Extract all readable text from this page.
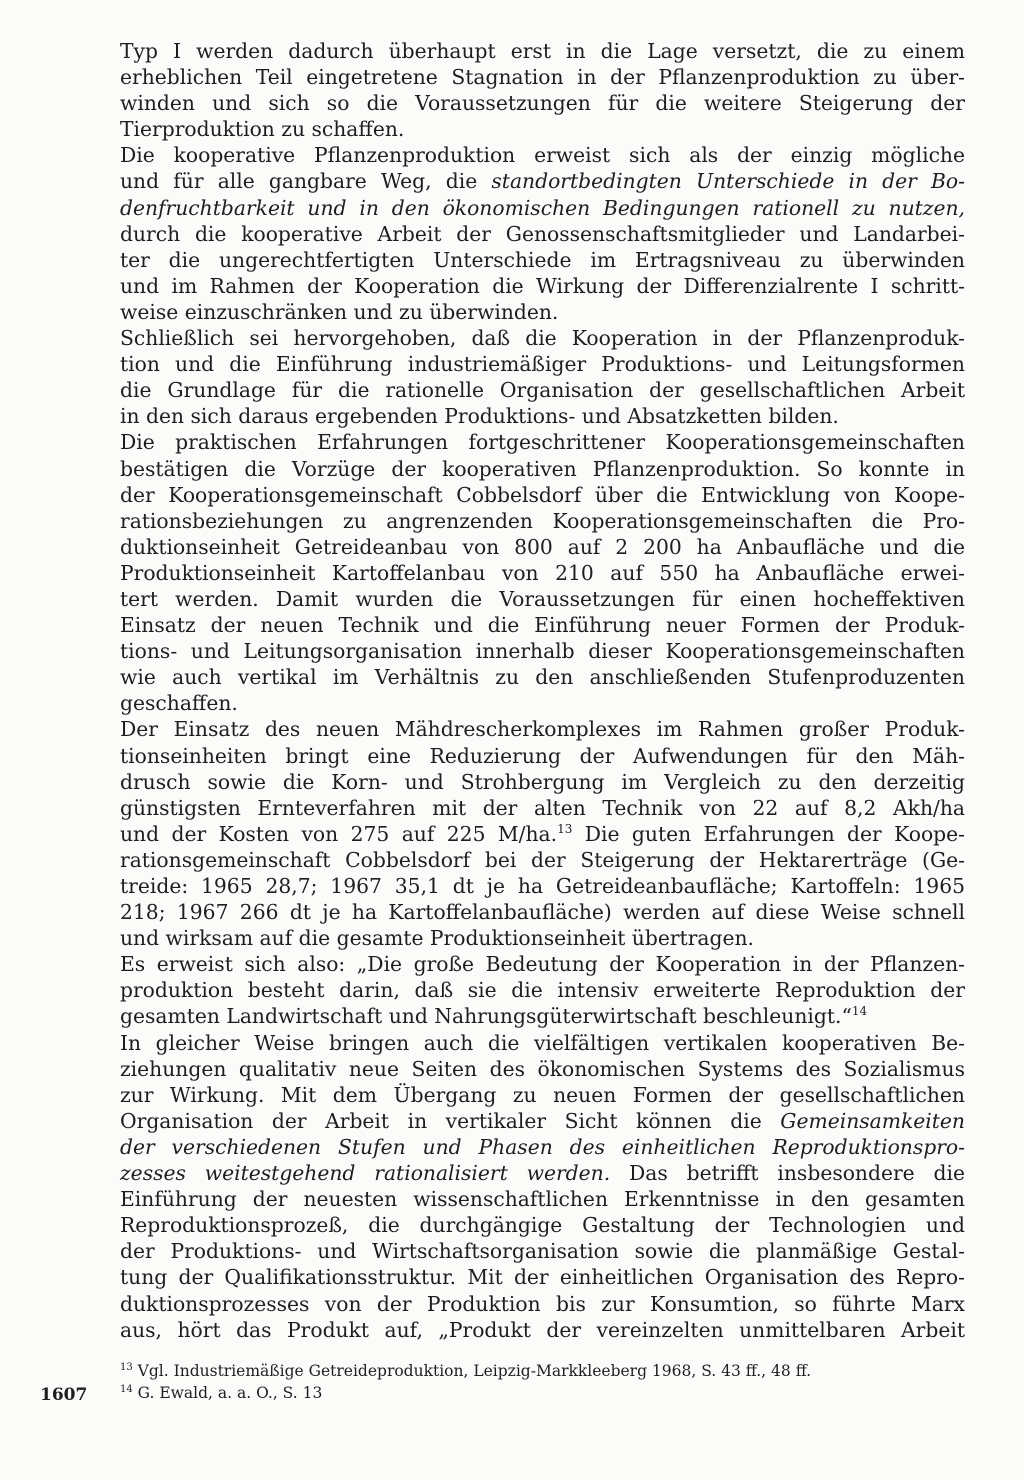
Typ I werden dadurch überhaupt erst in die Lage versetzt, die zu einem
erheblichen Teil eingetretene Stagnation in der Pflanzenproduktion zu über-
winden und sich so die Voraussetzungen für die weitere Steigerung der
Tierproduktion zu schaffen.
Die kooperative Pflanzenproduktion erweist sich als der einzig mögliche
und für alle gangbare Weg, die standortbedingten Unterschiede in der Bo-
denfruchtbarkeit und in den ökonomischen Bedingungen rationell zu nutzen,
durch die kooperative Arbeit der Genossenschaftsmitglieder und Landarbei-
ter die ungerechtfertigten Unterschiede im Ertragsniveau zu überwinden
und im Rahmen der Kooperation die Wirkung der Differenzialrente I schritt-
weise einzuschränken und zu überwinden.
Schließlich sei hervorgehoben, daß die Kooperation in der Pflanzenproduk-
tion und die Einführung industriemäßiger Produktions- und Leitungsformen
die Grundlage für die rationelle Organisation der gesellschaftlichen Arbeit
in den sich daraus ergebenden Produktions- und Absatzketten bilden.
Die praktischen Erfahrungen fortgeschrittener Kooperationsgemeinschaften
bestätigen die Vorzüge der kooperativen Pflanzenproduktion. So konnte in
der Kooperationsgemeinschaft Cobbelsdorf über die Entwicklung von Koope-
rationsbeziehungen zu angrenzenden Kooperationsgemeinschaften die Pro-
duktionseinheit Getreideanbau von 800 auf 2 200 ha Anbaufläche und die
Produktionseinheit Kartoffelanbau von 210 auf 550 ha Anbaufläche erwei-
tert werden. Damit wurden die Voraussetzungen für einen hocheffektiven
Einsatz der neuen Technik und die Einführung neuer Formen der Produk-
tions- und Leitungsorganisation innerhalb dieser Kooperationsgemeinschaften
wie auch vertikal im Verhältnis zu den anschließenden Stufenproduzenten
geschaffen.
Der Einsatz des neuen Mähdrescherkomplexes im Rahmen großer Produk-
tionseinheiten bringt eine Reduzierung der Aufwendungen für den Mäh-
drusch sowie die Korn- und Strohbergung im Vergleich zu den derzeitig
günstigsten Ernteverfahren mit der alten Technik von 22 auf 8,2 Akh/ha
und der Kosten von 275 auf 225 M/ha.$^{13}$ Die guten Erfahrungen der Koope-
rationsgemeinschaft Cobbelsdorf bei der Steigerung der Hektarerträge (Ge-
treide: 1965 28,7; 1967 35,1 dt je ha Getreideanbaufläche; Kartoffeln: 1965
218; 1967 266 dt je ha Kartoffelanbaufläche) werden auf diese Weise schnell
und wirksam auf die gesamte Produktionseinheit übertragen.
Es erweist sich also: „Die große Bedeutung der Kooperation in der Pflanzen-
produktion besteht darin, daß sie die intensiv erweiterte Reproduktion der
gesamten Landwirtschaft und Nahrungsgüterwirtschaft beschleunigt.“$^{14}$
In gleicher Weise bringen auch die vielfältigen vertikalen kooperativen Be-
ziehungen qualitativ neue Seiten des ökonomischen Systems des Sozialismus
zur Wirkung. Mit dem Übergang zu neuen Formen der gesellschaftlichen
Organisation der Arbeit in vertikaler Sicht können die Gemeinsamkeiten
der verschiedenen Stufen und Phasen des einheitlichen Reproduktionspro-
zesses weitestgehend rationalisiert werden. Das betrifft insbesondere die
Einführung der neuesten wissenschaftlichen Erkenntnisse in den gesamten
Reproduktionsprozeß, die durchgängige Gestaltung der Technologien und
der Produktions- und Wirtschaftsorganisation sowie die planmäßige Gestal-
tung der Qualifikationsstruktur. Mit der einheitlichen Organisation des Repro-
duktionsprozesses von der Produktion bis zur Konsumtion, so führte Marx
aus, hört das Produkt auf, „Produkt der vereinzelten unmittelbaren Arbeit
$^{13}$ Vgl. Industriemäßige Getreideproduktion, Leipzig-Markkleeberg 1968, S. 43 ff., 48 ff.
$^{14}$ G. Ewald, a. a. O., S. 13
1607
